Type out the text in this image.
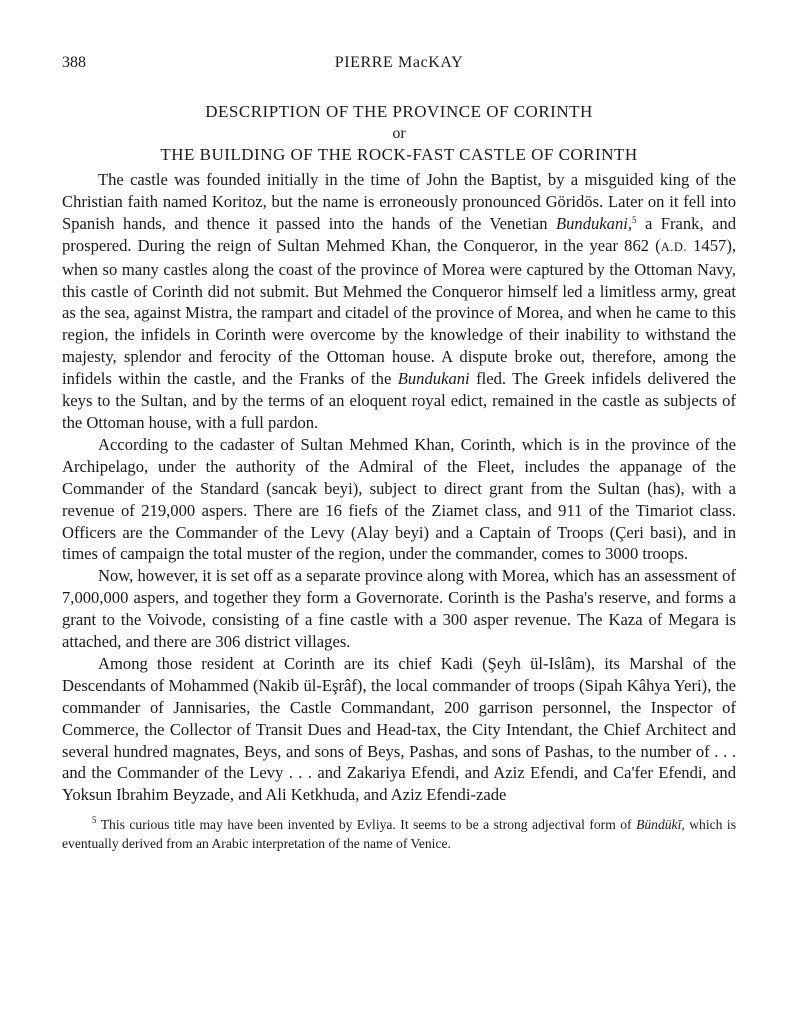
388	PIERRE MacKAY
DESCRIPTION OF THE PROVINCE OF CORINTH
or
THE BUILDING OF THE ROCK-FAST CASTLE OF CORINTH

The castle was founded initially in the time of John the Baptist, by a misguided king of the Christian faith named Koritoz, but the name is erroneously pronounced Göridös. Later on it fell into Spanish hands, and thence it passed into the hands of the Venetian Bundukani,$^5$ a Frank, and prospered. During the reign of Sultan Mehmed Khan, the Conqueror, in the year 862 (A.D. 1457), when so many castles along the coast of the province of Morea were captured by the Ottoman Navy, this castle of Corinth did not submit. But Mehmed the Conqueror himself led a limitless army, great as the sea, against Mistra, the rampart and citadel of the province of Morea, and when he came to this region, the infidels in Corinth were overcome by the knowledge of their inability to withstand the majesty, splendor and ferocity of the Ottoman house. A dispute broke out, therefore, among the infidels within the castle, and the Franks of the Bundukani fled. The Greek infidels delivered the keys to the Sultan, and by the terms of an eloquent royal edict, remained in the castle as subjects of the Ottoman house, with a full pardon.

According to the cadaster of Sultan Mehmed Khan, Corinth, which is in the province of the Archipelago, under the authority of the Admiral of the Fleet, includes the appanage of the Commander of the Standard (sancak beyi), subject to direct grant from the Sultan (has), with a revenue of 219,000 aspers. There are 16 fiefs of the Ziamet class, and 911 of the Timariot class. Officers are the Commander of the Levy (Alay beyi) and a Captain of Troops (Çeri basi), and in times of campaign the total muster of the region, under the commander, comes to 3000 troops.

Now, however, it is set off as a separate province along with Morea, which has an assessment of 7,000,000 aspers, and together they form a Governorate. Corinth is the Pasha's reserve, and forms a grant to the Voivode, consisting of a fine castle with a 300 asper revenue. The Kaza of Megara is attached, and there are 306 district villages.

Among those resident at Corinth are its chief Kadi (Şeyh ül-Islâm), its Marshal of the Descendants of Mohammed (Nakib ül-Eşrâf), the local commander of troops (Sipah Kâhya Yeri), the commander of Jannisaries, the Castle Commandant, 200 garrison personnel, the Inspector of Commerce, the Collector of Transit Dues and Head-tax, the City Intendant, the Chief Architect and several hundred magnates, Beys, and sons of Beys, Pashas, and sons of Pashas, to the number of . . . and the Commander of the Levy . . . and Zakariya Efendi, and Aziz Efendi, and Ca'fer Efendi, and Yoksun Ibrahim Beyzade, and Ali Ketkhuda, and Aziz Efendi-zade

$^5$ This curious title may have been invented by Evliya. It seems to be a strong adjectival form of Bündükī, which is eventually derived from an Arabic interpretation of the name of Venice.
